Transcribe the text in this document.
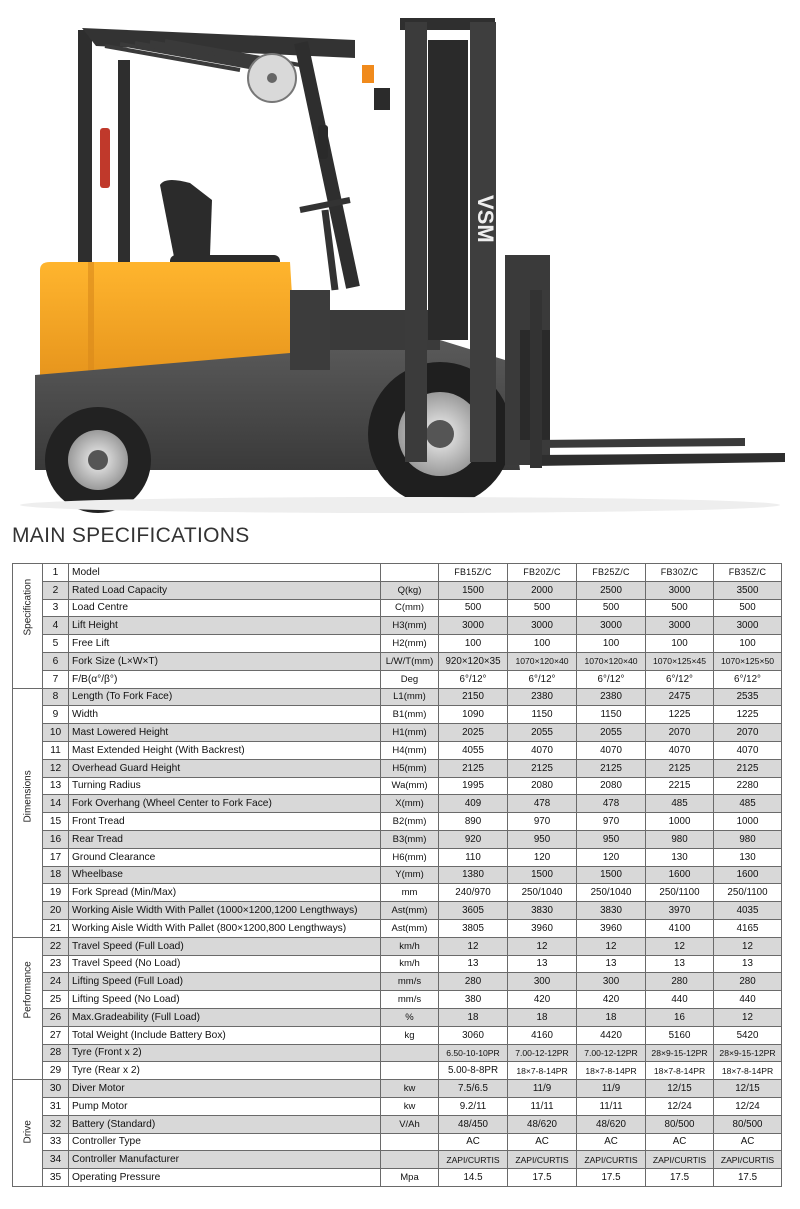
VSM
MAIN SPECIFICATIONS
Specification	1	Model		FB15Z/C	FB20Z/C	FB25Z/C	FB30Z/C	FB35Z/C
	2	Rated Load Capacity	Q(kg)	1500	2000	2500	3000	3500
	3	Load Centre	C(mm)	500	500	500	500	500
	4	Lift Height	H3(mm)	3000	3000	3000	3000	3000
	5	Free Lift	H2(mm)	100	100	100	100	100
	6	Fork Size (L×W×T)	L/W/T(mm)	920×120×35	1070×120×40	1070×120×40	1070×125×45	1070×125×50
	7	F/B(α°/β°)	Deg	6°/12°	6°/12°	6°/12°	6°/12°	6°/12°

Dimensions	8	Length (To Fork Face)	L1(mm)	2150	2380	2380	2475	2535
	9	Width	B1(mm)	1090	1150	1150	1225	1225
	10	Mast Lowered Height	H1(mm)	2025	2055	2055	2070	2070
	11	Mast Extended Height (With Backrest)	H4(mm)	4055	4070	4070	4070	4070
	12	Overhead Guard Height	H5(mm)	2125	2125	2125	2125	2125
	13	Turning Radius	Wa(mm)	1995	2080	2080	2215	2280
	14	Fork Overhang (Wheel Center to Fork Face)	X(mm)	409	478	478	485	485
	15	Front Tread	B2(mm)	890	970	970	1000	1000
	16	Rear Tread	B3(mm)	920	950	950	980	980
	17	Ground Clearance	H6(mm)	110	120	120	130	130
	18	Wheelbase	Y(mm)	1380	1500	1500	1600	1600
	19	Fork Spread (Min/Max)	mm	240/970	250/1040	250/1040	250/1100	250/1100
	20	Working Aisle Width With Pallet (1000×1200,1200 Lengthways)	Ast(mm)	3605	3830	3830	3970	4035
	21	Working Aisle Width With Pallet (800×1200,800 Lengthways)	Ast(mm)	3805	3960	3960	4100	4165

Performance	22	Travel Speed (Full Load)	km/h	12	12	12	12	12
	23	Travel Speed (No Load)	km/h	13	13	13	13	13
	24	Lifting Speed (Full Load)	mm/s	280	300	300	280	280
	25	Lifting Speed (No Load)	mm/s	380	420	420	440	440
	26	Max.Gradeability (Full Load)	%	18	18	18	16	12
	27	Total Weight (Include Battery Box)	kg	3060	4160	4420	5160	5420
	28	Tyre (Front x 2)		6.50-10-10PR	7.00-12-12PR	7.00-12-12PR	28×9-15-12PR	28×9-15-12PR
	29	Tyre (Rear x 2)		5.00-8-8PR	18×7-8-14PR	18×7-8-14PR	18×7-8-14PR	18×7-8-14PR

Drive	30	Diver Motor	kw	7.5/6.5	11/9	11/9	12/15	12/15
	31	Pump Motor	kw	9.2/11	11/11	11/11	12/24	12/24
	32	Battery (Standard)	V/Ah	48/450	48/620	48/620	80/500	80/500
	33	Controller Type		AC	AC	AC	AC	AC
	34	Controller Manufacturer		ZAPI/CURTIS	ZAPI/CURTIS	ZAPI/CURTIS	ZAPI/CURTIS	ZAPI/CURTIS
	35	Operating Pressure	Mpa	14.5	17.5	17.5	17.5	17.5
